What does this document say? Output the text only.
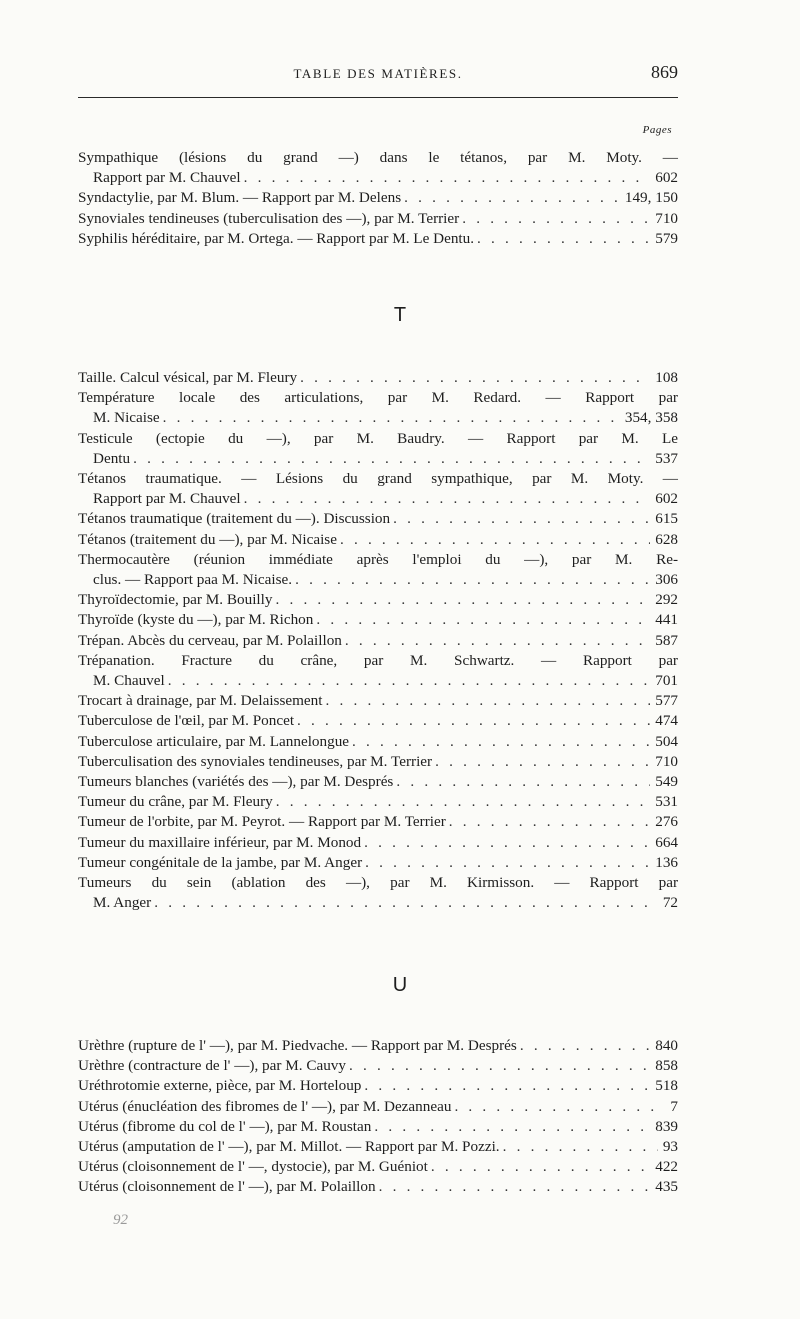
TABLE DES MATIÈRES.	869
Pages
Sympathique (lésions du grand —) dans le tétanos, par M. Moty. —
Rapport par M. Chauvel . . .	602
Syndactylie, par M. Blum. — Rapport par M. Delens . . .	149, 150
Synoviales tendineuses (tuberculisation des —), par M. Terrier . . .	710
Syphilis héréditaire, par M. Ortega. — Rapport par M. Le Dentu. . . .	579
T
Taille. Calcul vésical, par M. Fleury . . .	108
Température locale des articulations, par M. Redard. — Rapport par
M. Nicaise . . .	354, 358
Testicule (ectopie du —), par M. Baudry. — Rapport par M. Le
Dentu . . .	537
Tétanos traumatique. — Lésions du grand sympathique, par M. Moty. —
Rapport par M. Chauvel . . .	602
Tétanos traumatique (traitement du —). Discussion . . .	615
Tétanos (traitement du —), par M. Nicaise . . .	628
Thermocautère (réunion immédiate après l'emploi du —), par M. Re-
clus. — Rapport paa M. Nicaise. . . .	306
Thyroïdectomie, par M. Bouilly . . .	292
Thyroïde (kyste du —), par M. Richon . . .	441
Trépan. Abcès du cerveau, par M. Polaillon . . .	587
Trépanation. Fracture du crâne, par M. Schwartz. — Rapport par
M. Chauvel . . .	701
Trocart à drainage, par M. Delaissement . . .	577
Tuberculose de l'œil, par M. Poncet . . .	474
Tuberculose articulaire, par M. Lannelongue . . .	504
Tuberculisation des synoviales tendineuses, par M. Terrier . . .	710
Tumeurs blanches (variétés des —), par M. Després . . .	549
Tumeur du crâne, par M. Fleury . . .	531
Tumeur de l'orbite, par M. Peyrot. — Rapport par M. Terrier . . .	276
Tumeur du maxillaire inférieur, par M. Monod . . .	664
Tumeur congénitale de la jambe, par M. Anger . . .	136
Tumeurs du sein (ablation des —), par M. Kirmisson. — Rapport par
M. Anger . . .	72
U
Urèthre (rupture de l' —), par M. Piedvache. — Rapport par M. Després . . .	840
Urèthre (contracture de l' —), par M. Cauvy . . .	858
Uréthrotomie externe, pièce, par M. Horteloup . . .	518
Utérus (énucléation des fibromes de l' —), par M. Dezanneau . . .	7
Utérus (fibrome du col de l' —), par M. Roustan . . .	839
Utérus (amputation de l' —), par M. Millot. — Rapport par M. Pozzi. . . .	93
Utérus (cloisonnement de l' —, dystocie), par M. Guéniot . . .	422
Utérus (cloisonnement de l' —), par M. Polaillon . . .	435
92
